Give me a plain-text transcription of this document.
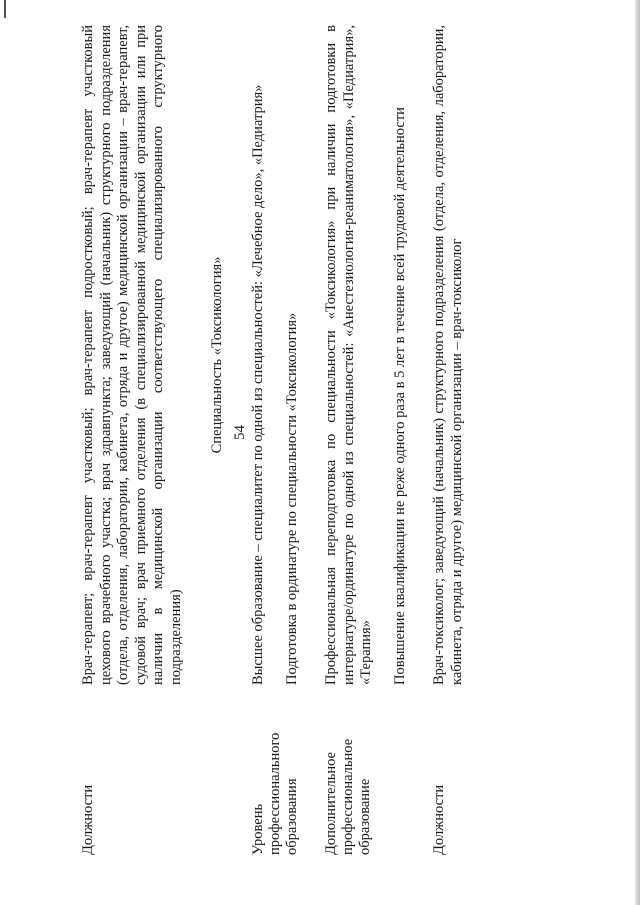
54
Должности

Врач-терапевт; врач-терапевт участковый; врач-терапевт подростковый; врач-терапевт участковый цехового врачебного участка; врач здравпункта; заведующий (начальник) структурного подразделения (отдела, отделения, лаборатории, кабинета, отряда и другое) медицинской организации – врач-терапевт, судовой врач; врач приемного отделения (в специализированной медицинской организации или при наличии в медицинской организации соответствующего специализированного структурного подразделения)

Специальность «Токсикология»
Уровень профессионального образования

Высшее образование – специалитет по одной из специальностей: «Лечебное дело», «Педиатрия» Подготовка в ординатуре по специальности «Токсикология»

Дополнительное профессиональное образование

Профессиональная переподготовка по специальности «Токсикология» при наличии подготовки в интернатуре/ординатуре по одной из специальностей: «Анестезиология-реаниматология», «Педиатрия», «Терапия» Повышение квалификации не реже одного раза в 5 лет в течение всей трудовой деятельности

Должности

Врач-токсиколог; заведующий (начальник) структурного подразделения (отдела, отделения, лаборатории, кабинета, отряда и другое) медицинской организации – врач-токсиколог
